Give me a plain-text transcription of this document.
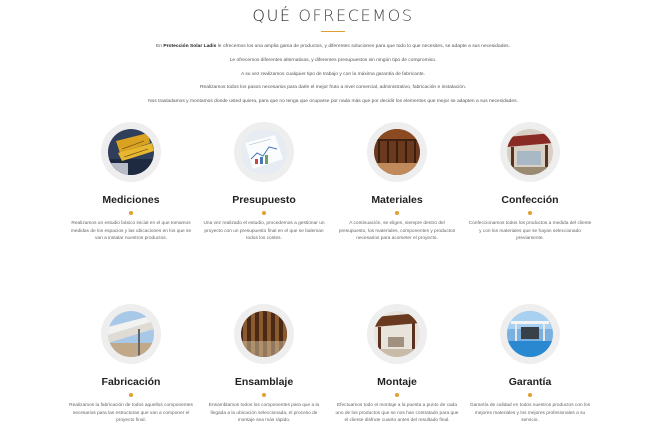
QUÉ OFRECEMOS

En Protección Solar Ladis le ofrecemos los una amplia gama de productos, y diferentes soluciones para que todo lo que necesites, se adapte a sus necesidades.

Le ofrecemos diferentes alternativas, y diferentes presupuestos sin ningún tipo de compromiso.

A su vez realizamos cualquier tipo de trabajo y con la máxima garantía de fabricante.

Realizamos todos los pasos necesarios para darle el mejor fruto a nivel comercial, administrativo, fabricación e instalación.

Nos trasladamos y montamos donde usted quiera, para que no tenga que ocuparse por nada más que por decidir los elementos que mejor se adapten a sus necesidades.

Mediciones

Realizamos un estudio básico inicial en el que tomamos medidas de los espacios y las ubicaciones en los que se van a instalar nuestros productos.

Presupuesto

Una vez realizado el estudio, procedemos a gestionar un proyecto con un presupuesto final en el que se baleman todos los costes.

Materiales

A continuación, se eligen, siempre dentro del presupuesto, los materiales, componentes y productos necesarios para acometer el proyecto.

Confección

Confeccionamos todos los productos a medida del cliente y con los materiales que se hayan seleccionado previamente.

Fabricación

Realizamos la fabricación de todos aquellos componentes necesarios para las estructuras que van a componer el proyecto final.

Ensamblaje

Ensamblamos todos los componentes para que a la llegada a la ubicación seleccionada, el proceso de montaje sea más rápido.

Montaje

Efectuamos todo el montaje a la puesta a punto de cada uno de los productos que se nos han contratado para que el cliente disfrute cuanto antes del resultado final.

Garantía

Garantía de calidad en todos nuestros productos con los mejores materiales y los mejores profesionales a su servicio.
